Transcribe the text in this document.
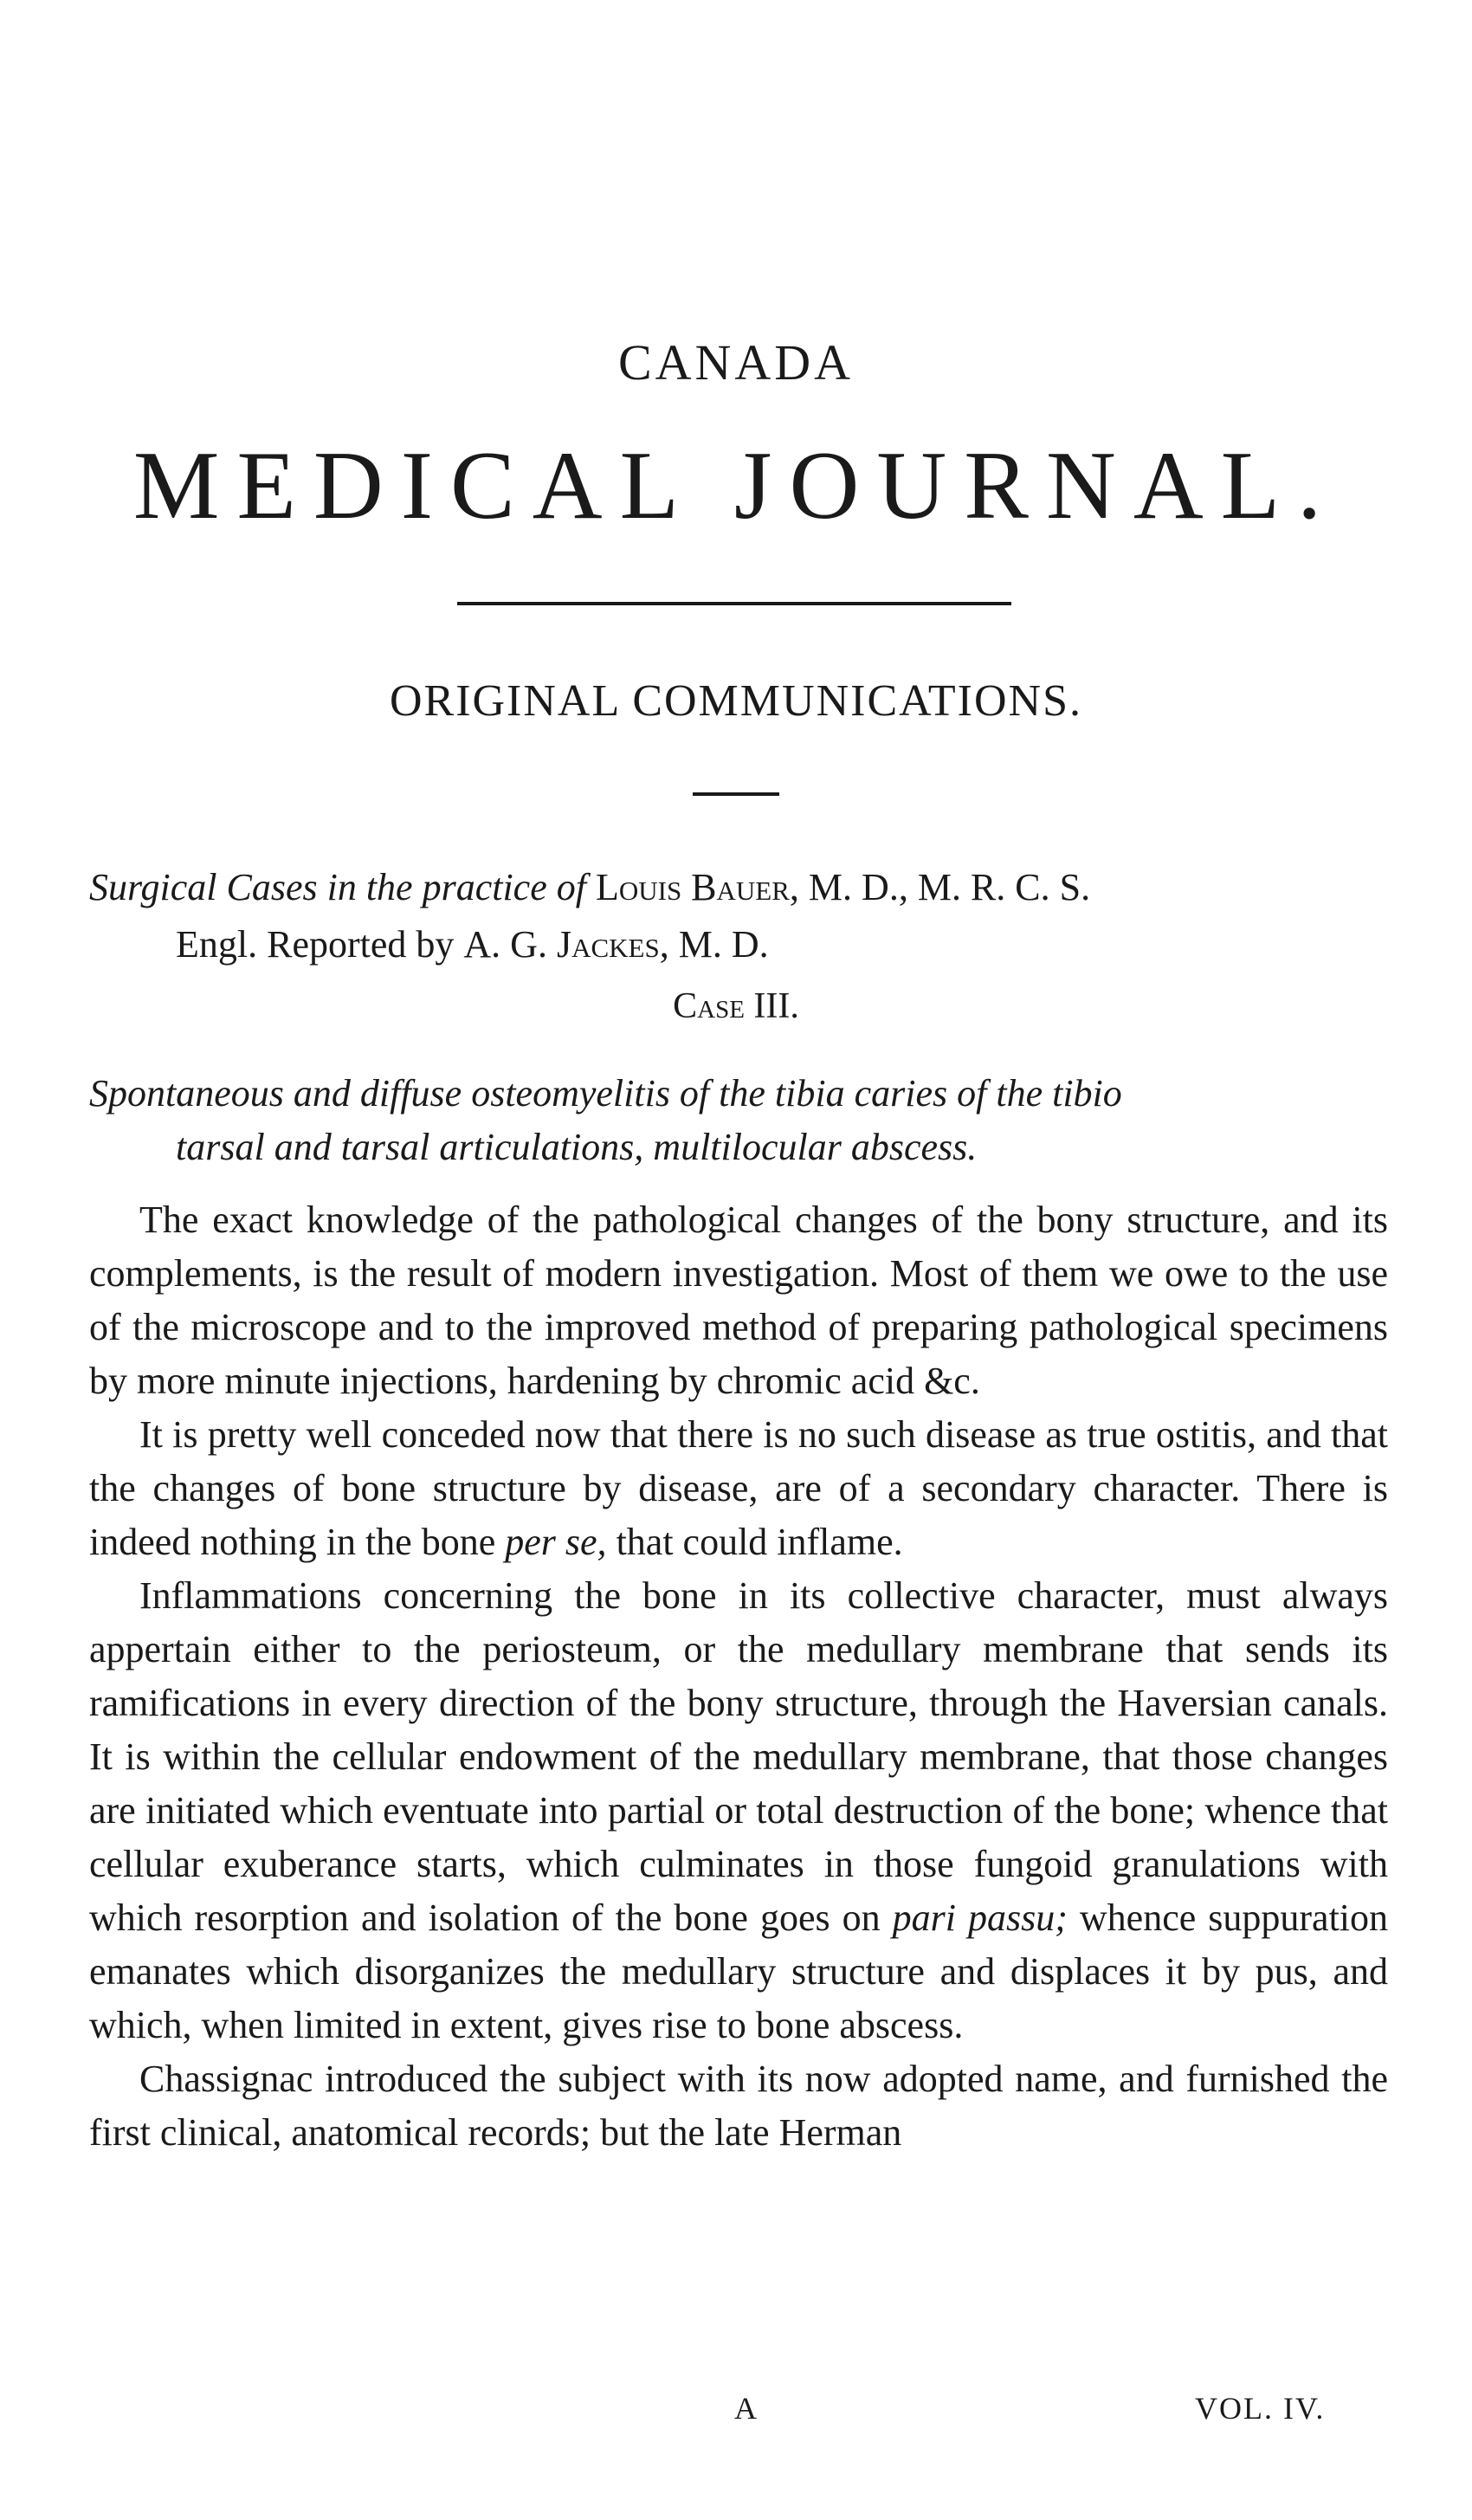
CANADA
MEDICAL JOURNAL.
ORIGINAL COMMUNICATIONS.
Surgical Cases in the practice of Louis Bauer, M. D., M. R. C. S.
Engl. Reported by A. G. Jackes, M. D.
Case III.
Spontaneous and diffuse osteomyelitis of the tibia caries of the tibio
tarsal and tarsal articulations, multilocular abscess.

The exact knowledge of the pathological changes of the bony structure, and its complements, is the result of modern investigation. Most of them we owe to the use of the microscope and to the improved method of preparing pathological specimens by more minute injections, hardening by chromic acid &c.

It is pretty well conceded now that there is no such disease as true ostitis, and that the changes of bone structure by disease, are of a secondary character. There is indeed nothing in the bone per se, that could inflame.

Inflammations concerning the bone in its collective character, must always appertain either to the periosteum, or the medullary membrane that sends its ramifications in every direction of the bony structure, through the Haversian canals. It is within the cellular endowment of the medullary membrane, that those changes are initiated which eventuate into partial or total destruction of the bone; whence that cellular exuberance starts, which culminates in those fungoid granulations with which resorption and isolation of the bone goes on pari passu; whence suppuration emanates which disorganizes the medullary structure and displaces it by pus, and which, when limited in extent, gives rise to bone abscess.

Chassignac introduced the subject with its now adopted name, and furnished the first clinical, anatomical records; but the late Herman

A	VOL. IV.
